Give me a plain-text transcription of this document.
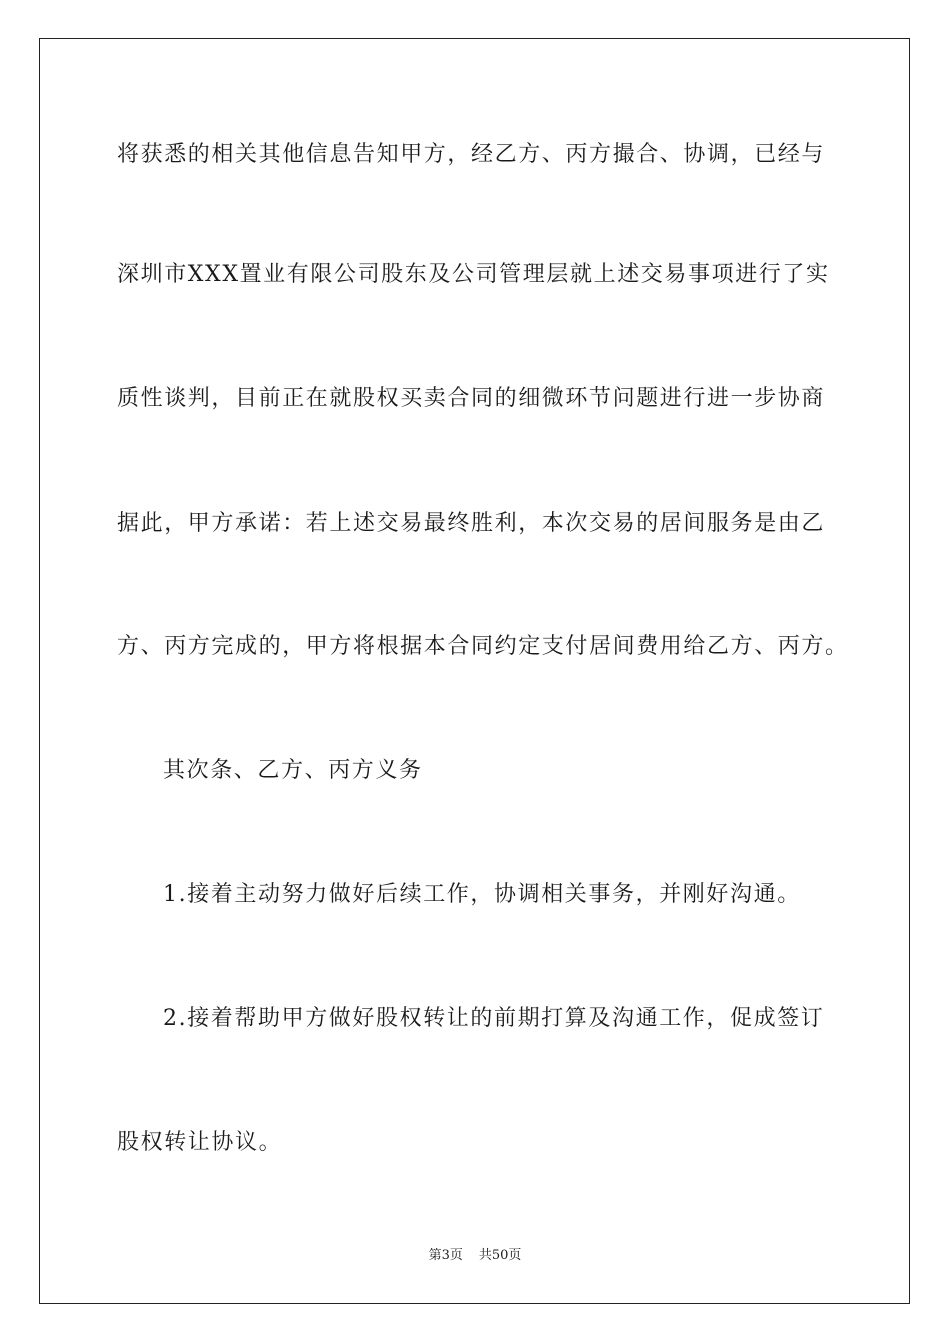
将获悉的相关其他信息告知甲方，经乙方、丙方撮合、协调，已经与
深圳市XXX置业有限公司股东及公司管理层就上述交易事项进行了实
质性谈判，目前正在就股权买卖合同的细微环节问题进行进一步协商
据此，甲方承诺：若上述交易最终胜利，本次交易的居间服务是由乙
方、丙方完成的，甲方将根据本合同约定支付居间费用给乙方、丙方。
其次条、乙方、丙方义务
1.接着主动努力做好后续工作，协调相关事务，并刚好沟通。
2.接着帮助甲方做好股权转让的前期打算及沟通工作，促成签订
股权转让协议。
第3页 共50页
